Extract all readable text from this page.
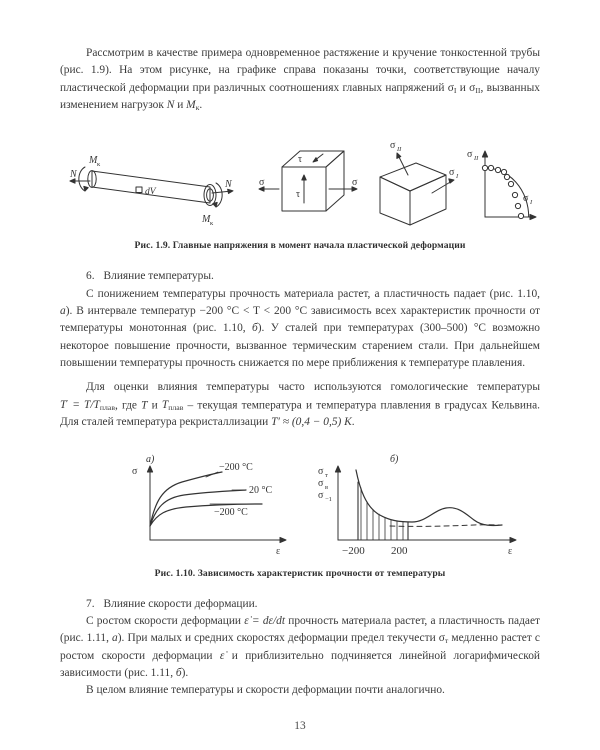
Рассмотрим в качестве примера одновременное растяжение и кручение тонкостенной трубы (рис. 1.9). На этом рисунке, на графике справа показаны точки, соответствующие началу пластической деформации при различных соотношениях главных напряжений $\sigma_I$ и $\sigma_{II}$, вызванных изменением нагрузок N и $M_к$.

M к
N
N
M к
dV
σ	σ
τ
τ
σ II
σ I
σ II
σ I

Рис. 1.9. Главные напряжения в момент начала пластической деформации

6. Влияние температуры.

С понижением температуры прочность материала растет, а пластичность падает (рис. 1.10, а). В интервале температур −200 °C < T < 200 °C зависимость всех характеристик прочности от температуры монотонная (рис. 1.10, б). У сталей при температурах (300–500) °C возможно некоторое повышение прочности, вызванное термическим старением стали. При дальнейшем повышении температуры прочность снижается по мере приближения к температуре плавления.

Для оценки влияния температуры часто используются гомологические температуры $T' = T/T_{плав}$, где T и $T_{плав}$ – текущая температура и температура плавления в градусах Кельвина. Для сталей температура рекристаллизации T′ ≈ (0,4 − 0,5) K.

а)	б)
σ
ε
−200 °C
20 °C
−200 °C
σ т
σ в
σ −1
−200 200	ε

Рис. 1.10. Зависимость характеристик прочности от температуры

7. Влияние скорости деформации.

С ростом скорости деформации ε̇ = dε/dt прочность материала растет, а пластичность падает (рис. 1.11, а). При малых и средних скоростях деформации предел текучести $\sigma_т$ медленно растет с ростом скорости деформации ε̇ и приблизительно подчиняется линейной логарифмической зависимости (рис. 1.11, б).

В целом влияние температуры и скорости деформации почти аналогично.

13
